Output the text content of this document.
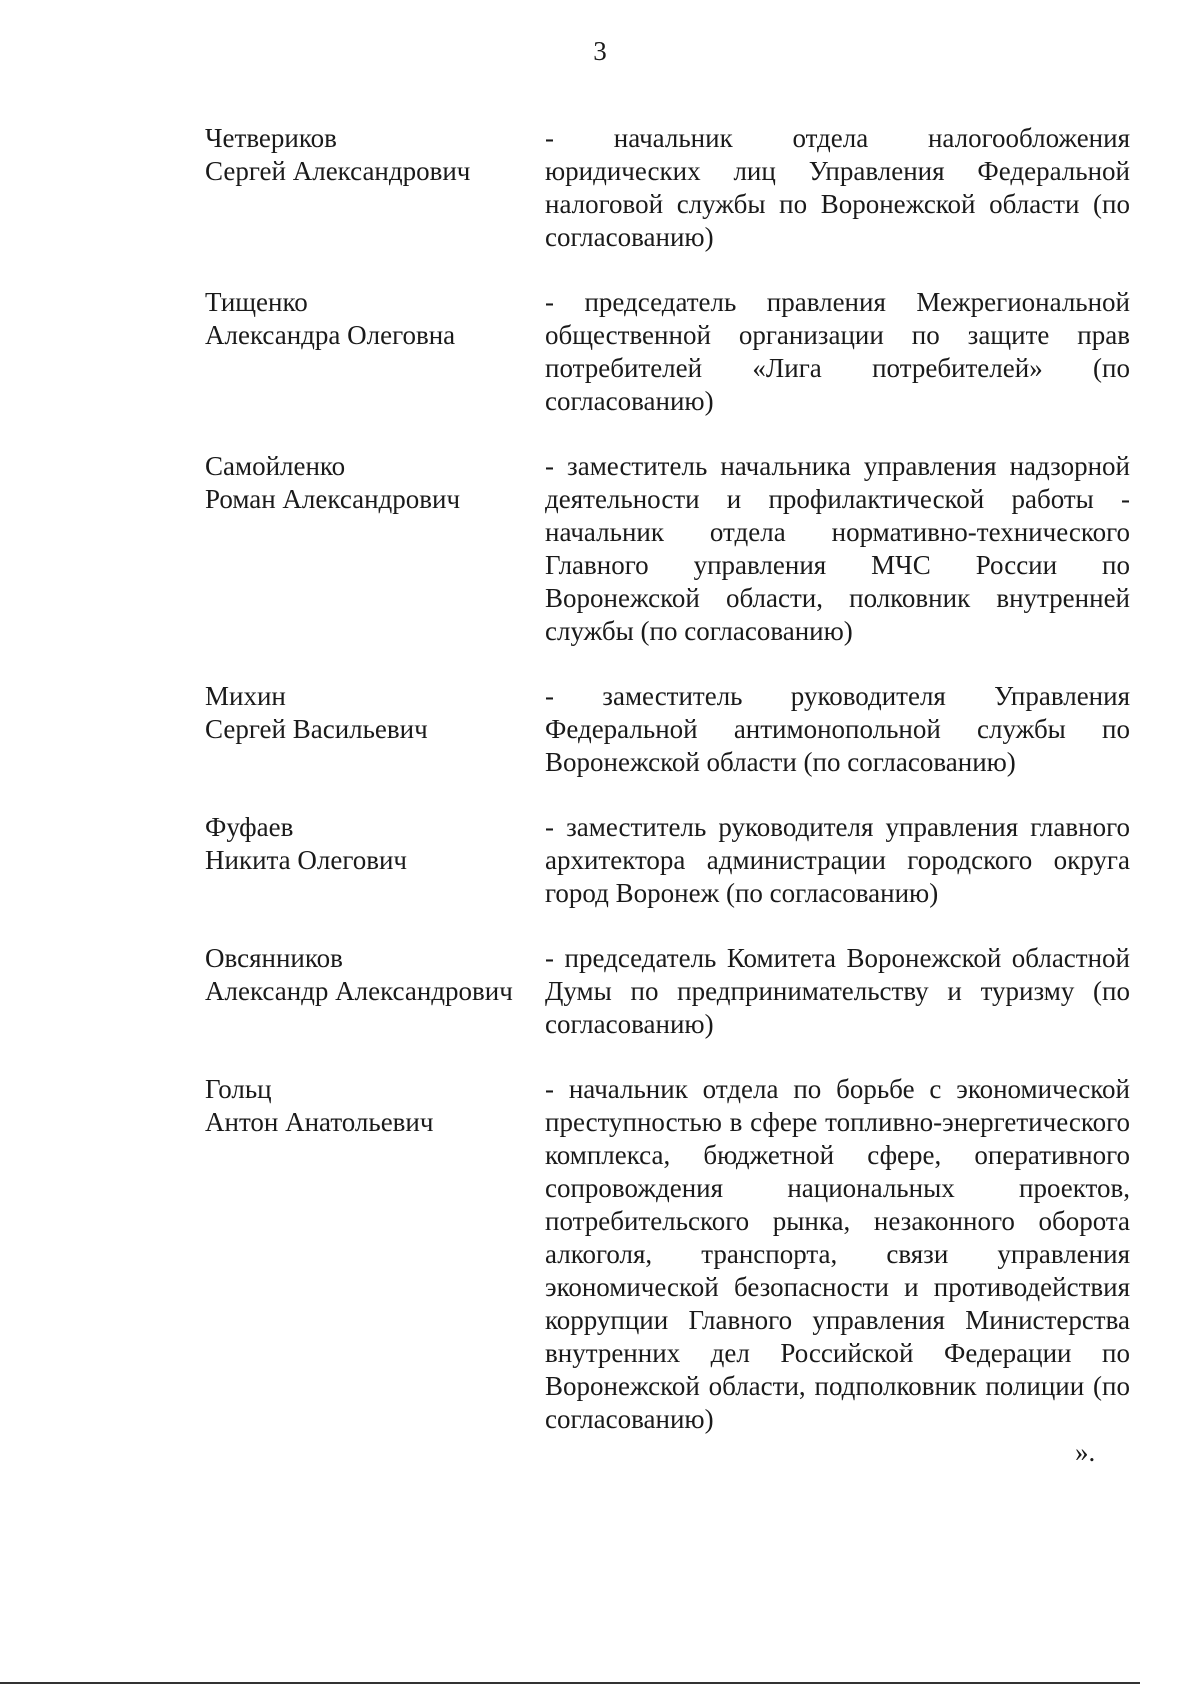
3
Четвериков
Сергей Александрович
- начальник отдела налогообложения юридических лиц Управления Федеральной налоговой службы по Воронежской области (по согласованию)
Тищенко
Александра Олеговна
- председатель правления Межрегиональной общественной организации по защите прав потребителей «Лига потребителей» (по согласованию)
Самойленко
Роман Александрович
- заместитель начальника управления надзорной деятельности и профилактической работы - начальник отдела нормативно-технического Главного управления МЧС России по Воронежской области, полковник внутренней службы (по согласованию)
Михин
Сергей Васильевич
- заместитель руководителя Управления Федеральной антимонопольной службы по Воронежской области (по согласованию)
Фуфаев
Никита Олегович
- заместитель руководителя управления главного архитектора администрации городского округа город Воронеж (по согласованию)
Овсянников
Александр Александрович
- председатель Комитета Воронежской областной Думы по предпринимательству и туризму (по согласованию)
Гольц
Антон Анатольевич
- начальник отдела по борьбе с экономической преступностью в сфере топливно-энергетического комплекса, бюджетной сфере, оперативного сопровождения национальных проектов, потребительского рынка, незаконного оборота алкоголя, транспорта, связи управления экономической безопасности и противодействия коррупции Главного управления Министерства внутренних дел Российской Федерации по Воронежской области, подполковник полиции (по согласованию)
».
